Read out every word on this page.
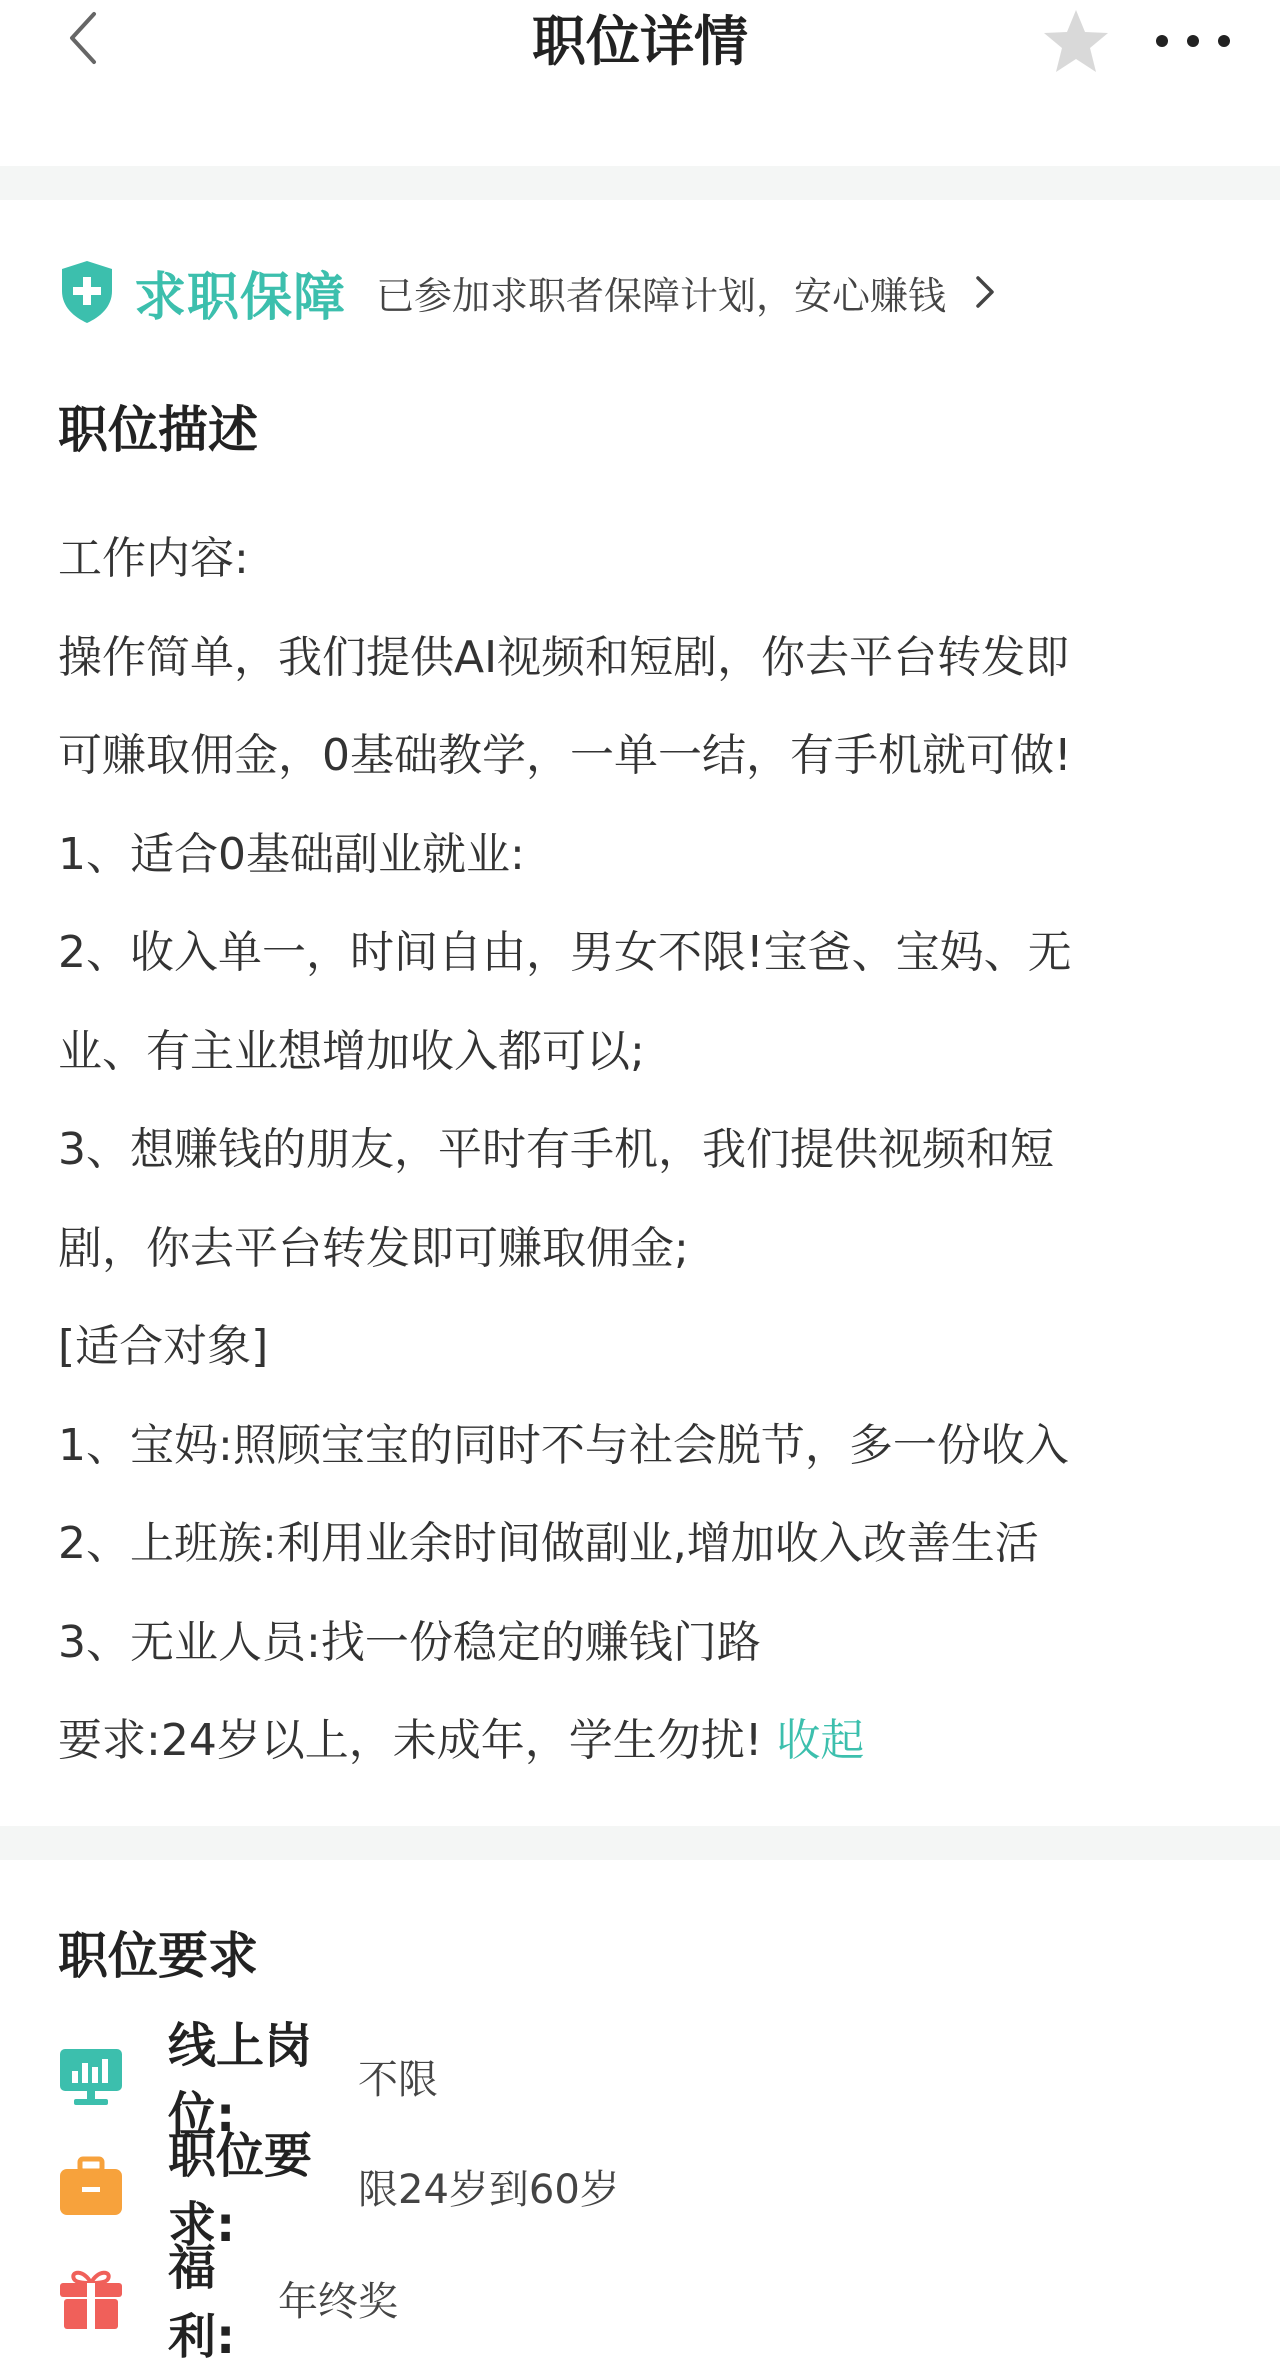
职位详情
求职保障 已参加求职者保障计划，安心赚钱
职位描述
工作内容:
操作简单，我们提供AI视频和短剧，你去平台转发即
可赚取佣金，0基础教学，一单一结，有手机就可做!
1、适合0基础副业就业:
2、收入单一，时间自由，男女不限!宝爸、宝妈、无
业、有主业想增加收入都可以;
3、想赚钱的朋友，平时有手机，我们提供视频和短
剧，你去平台转发即可赚取佣金;
[适合对象]
1、宝妈:照顾宝宝的同时不与社会脱节，多一份收入
2、上班族:利用业余时间做副业,增加收入改善生活
3、无业人员:找一份稳定的赚钱门路
要求:24岁以上，未成年，学生勿扰! 收起
职位要求
线上岗位:
不限
职位要求:
限24岁到60岁
福利:
年终奖
